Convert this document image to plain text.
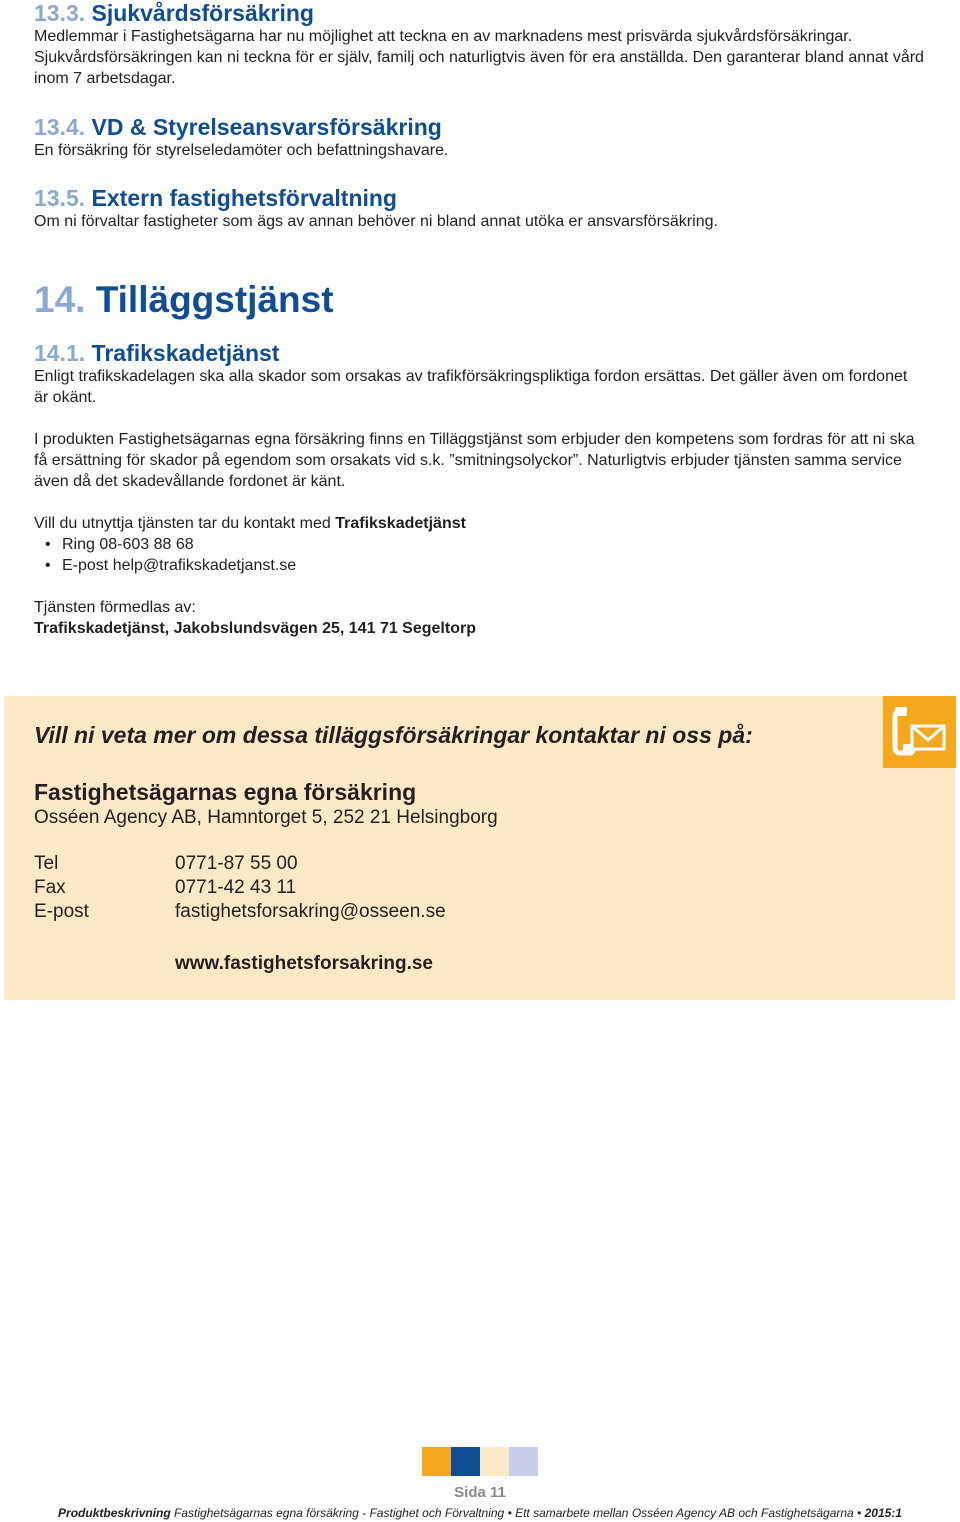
13.3. Sjukvårdsförsäkring

Medlemmar i Fastighetsägarna har nu möjlighet att teckna en av marknadens mest prisvärda sjukvårdsförsäkringar. Sjukvårdsförsäkringen kan ni teckna för er själv, familj och naturligtvis även för era anställda. Den garanterar bland annat vård inom 7 arbetsdagar.

13.4. VD & Styrelseansvarsförsäkring

En försäkring för styrelseledamöter och befattningshavare.

13.5. Extern fastighetsförvaltning

Om ni förvaltar fastigheter som ägs av annan behöver ni bland annat utöka er ansvarsförsäkring.

14. Tilläggstjänst
14.1. Trafikskadetjänst

Enligt trafikskadelagen ska alla skador som orsakas av trafikförsäkringspliktiga fordon ersättas. Det gäller även om fordonet är okänt.

I produkten Fastighetsägarnas egna försäkring finns en Tilläggstjänst som erbjuder den kompetens som fordras för att ni ska få ersättning för skador på egendom som orsakats vid s.k. ”smitningsolyckor”. Naturligtvis erbjuder tjänsten samma service även då det skadevållande fordonet är känt.

Vill du utnyttja tjänsten tar du kontakt med Trafikskadetjänst

• Ring 08-603 88 68
• E-post help@trafikskadetjanst.se

Tjänsten förmedlas av:

Trafikskadetjänst, Jakobslundsvägen 25, 141 71 Segeltorp

Vill ni veta mer om dessa tilläggsförsäkringar kontaktar ni oss på:
Fastighetsägarnas egna försäkring
Osséen Agency AB, Hamntorget 5, 252 21 Helsingborg
Tel	0771-87 55 00
Fax	0771-42 43 11
E-post	fastighetsforsakring@osseen.se
www.fastighetsforsakring.se
Sida 11
Produktbeskrivning Fastighetsägarnas egna försäkring - Fastighet och Förvaltning • Ett samarbete mellan Osséen Agency AB och Fastighetsägarna • 2015:1
